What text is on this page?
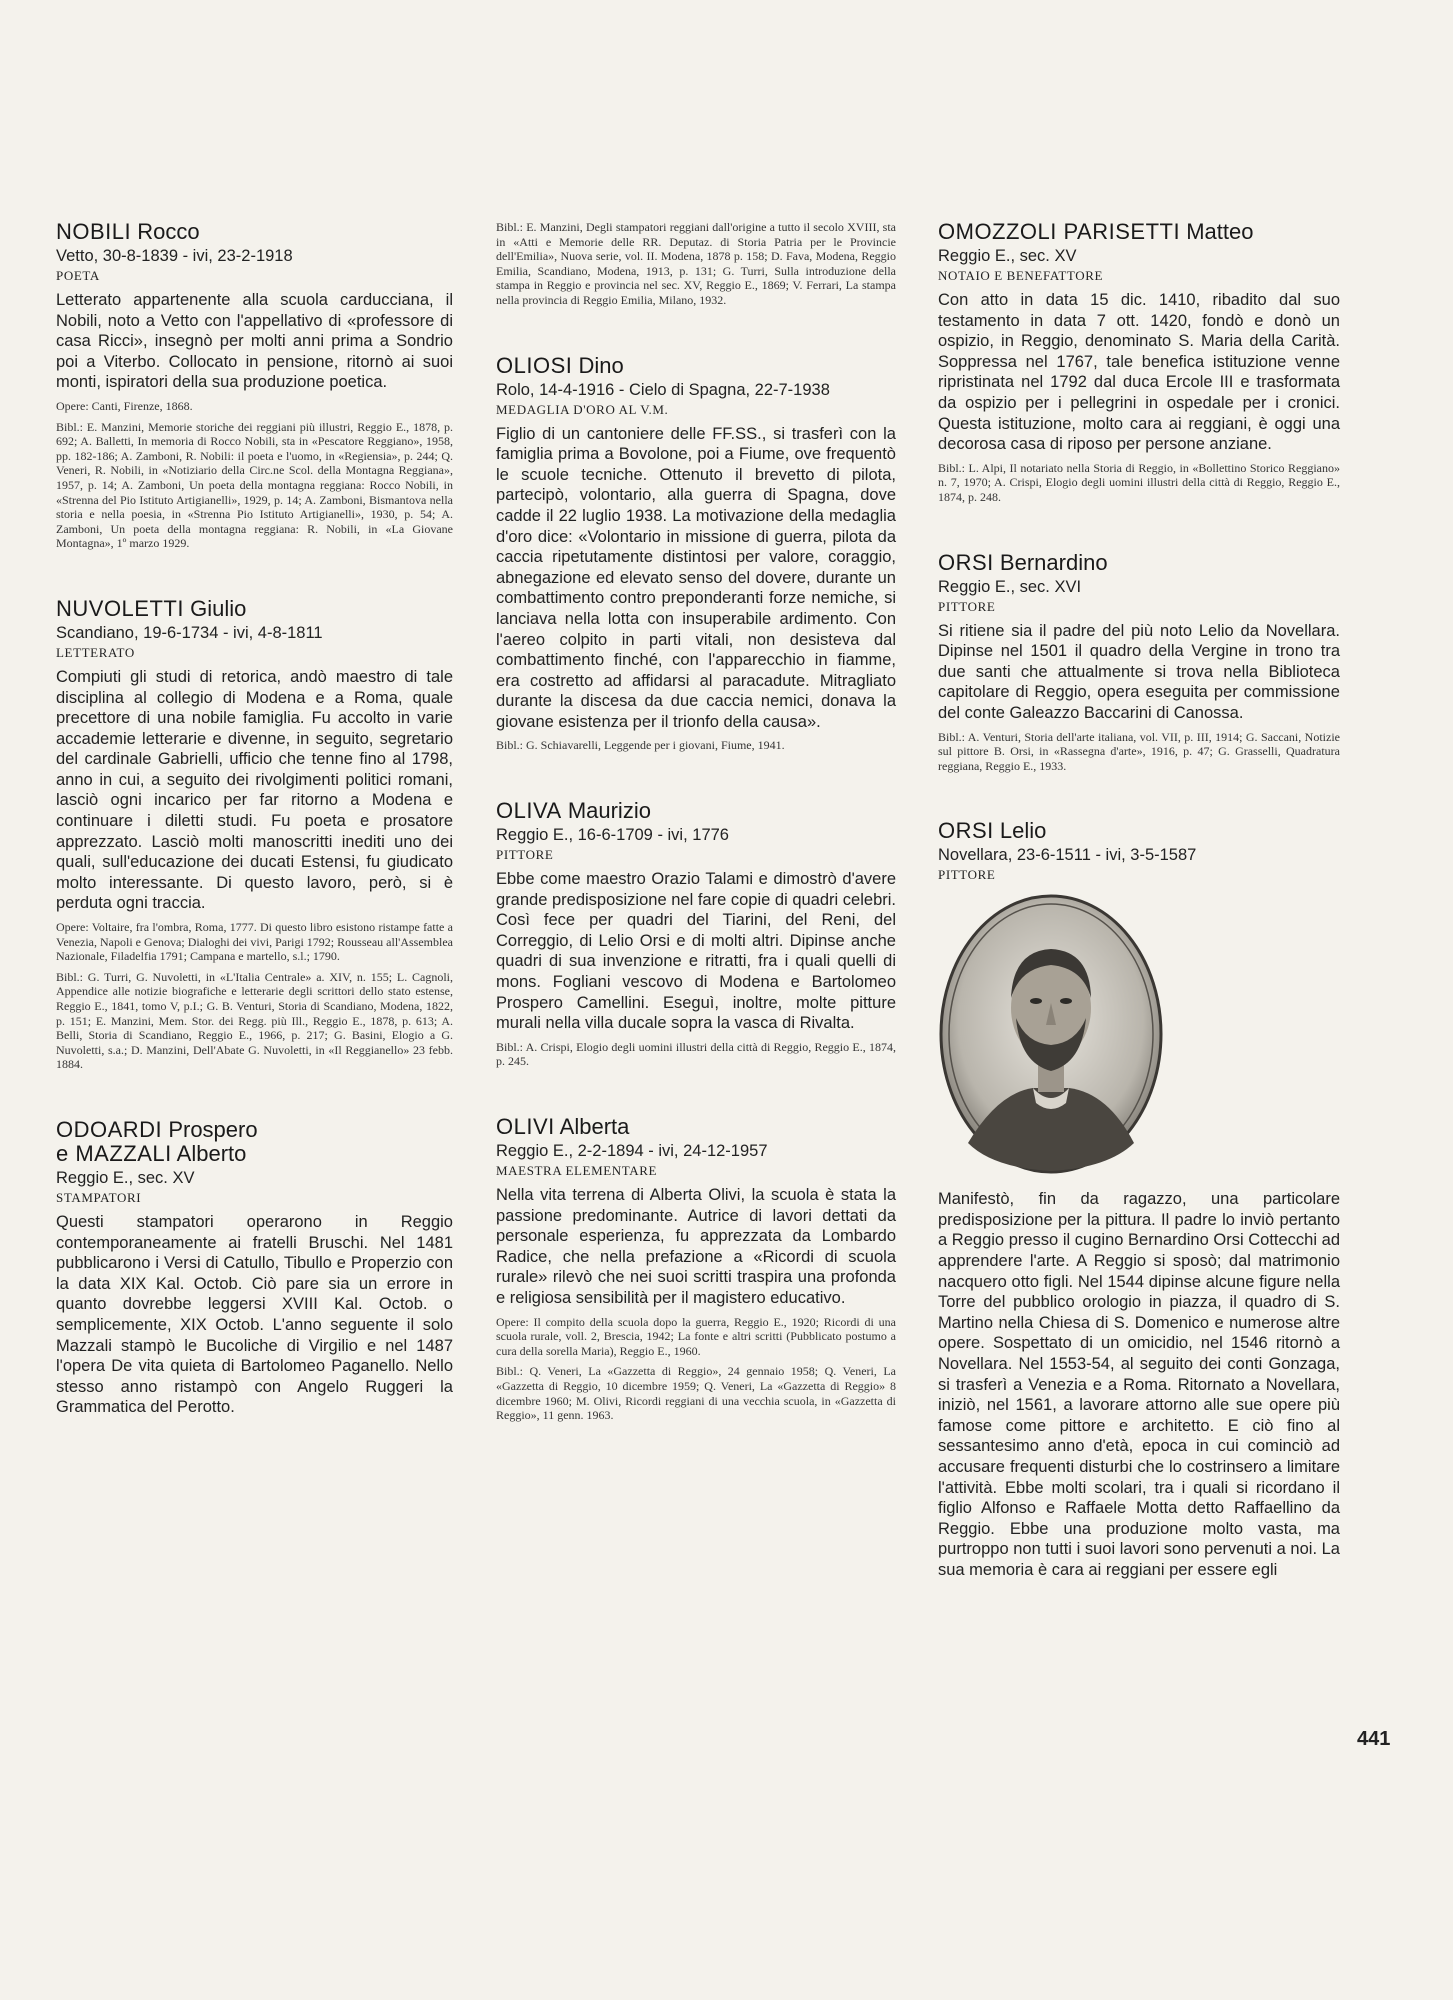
NOBILI Rocco

Vetto, 30-8-1839 - ivi, 23-2-1918

POETA

Letterato appartenente alla scuola carducciana, il Nobili, noto a Vetto con l'appellativo di «professore di casa Ricci», insegnò per molti anni prima a Sondrio poi a Viterbo. Collocato in pensione, ritornò ai suoi monti, ispiratori della sua produzione poetica.

Opere: Canti, Firenze, 1868.

Bibl.: E. Manzini, Memorie storiche dei reggiani più illustri, Reggio E., 1878, p. 692; A. Balletti, In memoria di Rocco Nobili, sta in «Pescatore Reggiano», 1958, pp. 182-186; A. Zamboni, R. Nobili: il poeta e l'uomo, in «Regiensia», p. 244; Q. Veneri, R. Nobili, in «Notiziario della Circ.ne Scol. della Montagna Reggiana», 1957, p. 14; A. Zamboni, Un poeta della montagna reggiana: Rocco Nobili, in «Strenna del Pio Istituto Artigianelli», 1929, p. 14; A. Zamboni, Bismantova nella storia e nella poesia, in «Strenna Pio Istituto Artigianelli», 1930, p. 54; A. Zamboni, Un poeta della montagna reggiana: R. Nobili, in «La Giovane Montagna», 1º marzo 1929.

NUVOLETTI Giulio

Scandiano, 19-6-1734 - ivi, 4-8-1811

LETTERATO

Compiuti gli studi di retorica, andò maestro di tale disciplina al collegio di Modena e a Roma, quale precettore di una nobile famiglia. Fu accolto in varie accademie letterarie e divenne, in seguito, segretario del cardinale Gabrielli, ufficio che tenne fino al 1798, anno in cui, a seguito dei rivolgimenti politici romani, lasciò ogni incarico per far ritorno a Modena e continuare i diletti studi. Fu poeta e prosatore apprezzato. Lasciò molti manoscritti inediti uno dei quali, sull'educazione dei ducati Estensi, fu giudicato molto interessante. Di questo lavoro, però, si è perduta ogni traccia.

Opere: Voltaire, fra l'ombra, Roma, 1777. Di questo libro esistono ristampe fatte a Venezia, Napoli e Genova; Dialoghi dei vivi, Parigi 1792; Rousseau all'Assemblea Nazionale, Filadelfia 1791; Campana e martello, s.l.; 1790.

Bibl.: G. Turri, G. Nuvoletti, in «L'Italia Centrale» a. XIV, n. 155; L. Cagnoli, Appendice alle notizie biografiche e letterarie degli scrittori dello stato estense, Reggio E., 1841, tomo V, p.I.; G. B. Venturi, Storia di Scandiano, Modena, 1822, p. 151; E. Manzini, Mem. Stor. dei Regg. più Ill., Reggio E., 1878, p. 613; A. Belli, Storia di Scandiano, Reggio E., 1966, p. 217; G. Basini, Elogio a G. Nuvoletti, s.a.; D. Manzini, Dell'Abate G. Nuvoletti, in «Il Reggianello» 23 febb. 1884.

ODOARDI Prospero

e MAZZALI Alberto

Reggio E., sec. XV

STAMPATORI

Questi stampatori operarono in Reggio contemporaneamente ai fratelli Bruschi. Nel 1481 pubblicarono i Versi di Catullo, Tibullo e Properzio con la data XIX Kal. Octob. Ciò pare sia un errore in quanto dovrebbe leggersi XVIII Kal. Octob. o semplicemente, XIX Octob. L'anno seguente il solo Mazzali stampò le Bucoliche di Virgilio e nel 1487 l'opera De vita quieta di Bartolomeo Paganello. Nello stesso anno ristampò con Angelo Ruggeri la Grammatica del Perotto.

Bibl.: E. Manzini, Degli stampatori reggiani dall'origine a tutto il secolo XVIII, sta in «Atti e Memorie delle RR. Deputaz. di Storia Patria per le Provincie dell'Emilia», Nuova serie, vol. II. Modena, 1878 p. 158; D. Fava, Modena, Reggio Emilia, Scandiano, Modena, 1913, p. 131; G. Turri, Sulla introduzione della stampa in Reggio e provincia nel sec. XV, Reggio E., 1869; V. Ferrari, La stampa nella provincia di Reggio Emilia, Milano, 1932.

OLIOSI Dino

Rolo, 14-4-1916 - Cielo di Spagna, 22-7-1938

MEDAGLIA D'ORO AL V.M.

Figlio di un cantoniere delle FF.SS., si trasferì con la famiglia prima a Bovolone, poi a Fiume, ove frequentò le scuole tecniche. Ottenuto il brevetto di pilota, partecipò, volontario, alla guerra di Spagna, dove cadde il 22 luglio 1938. La motivazione della medaglia d'oro dice: «Volontario in missione di guerra, pilota da caccia ripetutamente distintosi per valore, coraggio, abnegazione ed elevato senso del dovere, durante un combattimento contro preponderanti forze nemiche, si lanciava nella lotta con insuperabile ardimento. Con l'aereo colpito in parti vitali, non desisteva dal combattimento finché, con l'apparecchio in fiamme, era costretto ad affidarsi al paracadute. Mitragliato durante la discesa da due caccia nemici, donava la giovane esistenza per il trionfo della causa».

Bibl.: G. Schiavarelli, Leggende per i giovani, Fiume, 1941.

OLIVA Maurizio

Reggio E., 16-6-1709 - ivi, 1776

PITTORE

Ebbe come maestro Orazio Talami e dimostrò d'avere grande predisposizione nel fare copie di quadri celebri. Così fece per quadri del Tiarini, del Reni, del Correggio, di Lelio Orsi e di molti altri. Dipinse anche quadri di sua invenzione e ritratti, fra i quali quelli di mons. Fogliani vescovo di Modena e Bartolomeo Prospero Camellini. Eseguì, inoltre, molte pitture murali nella villa ducale sopra la vasca di Rivalta.

Bibl.: A. Crispi, Elogio degli uomini illustri della città di Reggio, Reggio E., 1874, p. 245.

OLIVI Alberta

Reggio E., 2-2-1894 - ivi, 24-12-1957

MAESTRA ELEMENTARE

Nella vita terrena di Alberta Olivi, la scuola è stata la passione predominante. Autrice di lavori dettati da personale esperienza, fu apprezzata da Lombardo Radice, che nella prefazione a «Ricordi di scuola rurale» rilevò che nei suoi scritti traspira una profonda e religiosa sensibilità per il magistero educativo.

Opere: Il compito della scuola dopo la guerra, Reggio E., 1920; Ricordi di una scuola rurale, voll. 2, Brescia, 1942; La fonte e altri scritti (Pubblicato postumo a cura della sorella Maria), Reggio E., 1960.

Bibl.: Q. Veneri, La «Gazzetta di Reggio», 24 gennaio 1958; Q. Veneri, La «Gazzetta di Reggio, 10 dicembre 1959; Q. Veneri, La «Gazzetta di Reggio» 8 dicembre 1960; M. Olivi, Ricordi reggiani di una vecchia scuola, in «Gazzetta di Reggio», 11 genn. 1963.

OMOZZOLI PARISETTI Matteo

Reggio E., sec. XV

NOTAIO E BENEFATTORE

Con atto in data 15 dic. 1410, ribadito dal suo testamento in data 7 ott. 1420, fondò e donò un ospizio, in Reggio, denominato S. Maria della Carità. Soppressa nel 1767, tale benefica istituzione venne ripristinata nel 1792 dal duca Ercole III e trasformata da ospizio per i pellegrini in ospedale per i cronici. Questa istituzione, molto cara ai reggiani, è oggi una decorosa casa di riposo per persone anziane.

Bibl.: L. Alpi, Il notariato nella Storia di Reggio, in «Bollettino Storico Reggiano» n. 7, 1970; A. Crispi, Elogio degli uomini illustri della città di Reggio, Reggio E., 1874, p. 248.

ORSI Bernardino

Reggio E., sec. XVI

PITTORE

Si ritiene sia il padre del più noto Lelio da Novellara. Dipinse nel 1501 il quadro della Vergine in trono tra due santi che attualmente si trova nella Biblioteca capitolare di Reggio, opera eseguita per commissione del conte Galeazzo Baccarini di Canossa.

Bibl.: A. Venturi, Storia dell'arte italiana, vol. VII, p. III, 1914; G. Saccani, Notizie sul pittore B. Orsi, in «Rassegna d'arte», 1916, p. 47; G. Grasselli, Quadratura reggiana, Reggio E., 1933.

ORSI Lelio

Novellara, 23-6-1511 - ivi, 3-5-1587

PITTORE

Manifestò, fin da ragazzo, una particolare predisposizione per la pittura. Il padre lo inviò pertanto a Reggio presso il cugino Bernardino Orsi Cottecchi ad apprendere l'arte. A Reggio si sposò; dal matrimonio nacquero otto figli. Nel 1544 dipinse alcune figure nella Torre del pubblico orologio in piazza, il quadro di S. Martino nella Chiesa di S. Domenico e numerose altre opere. Sospettato di un omicidio, nel 1546 ritornò a Novellara. Nel 1553-54, al seguito dei conti Gonzaga, si trasferì a Venezia e a Roma. Ritornato a Novellara, iniziò, nel 1561, a lavorare attorno alle sue opere più famose come pittore e architetto. E ciò fino al sessantesimo anno d'età, epoca in cui cominciò ad accusare frequenti disturbi che lo costrinsero a limitare l'attività. Ebbe molti scolari, tra i quali si ricordano il figlio Alfonso e Raffaele Motta detto Raffaellino da Reggio. Ebbe una produzione molto vasta, ma purtroppo non tutti i suoi lavori sono pervenuti a noi. La sua memoria è cara ai reggiani per essere egli

441
